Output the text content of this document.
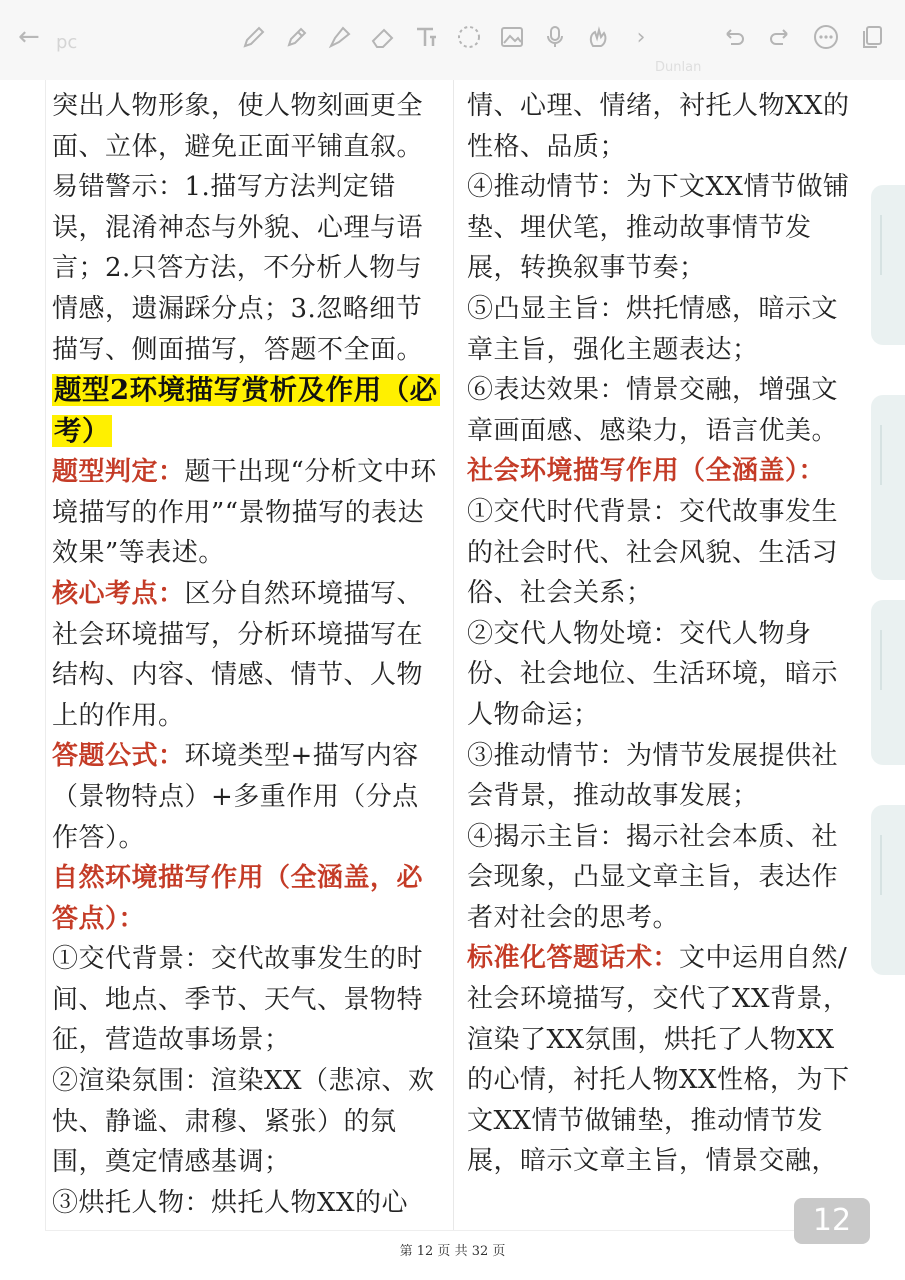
← pc	›
Dunlan

突出人物形象，使人物刻画更全面、立体，避免正面平铺直叙。

易错警示：1.描写方法判定错误，混淆神态与外貌、心理与语言；2.只答方法，不分析人物与情感，遗漏踩分点；3.忽略细节描写、侧面描写，答题不全面。

题型2环境描写赏析及作用（必考）

题型判定：题干出现“分析文中环境描写的作用”“景物描写的表达效果”等表述。

核心考点：区分自然环境描写、社会环境描写，分析环境描写在结构、内容、情感、情节、人物上的作用。

答题公式：环境类型+描写内容（景物特点）+多重作用（分点作答）。

自然环境描写作用（全涵盖，必答点）：

①交代背景：交代故事发生的时间、地点、季节、天气、景物特征，营造故事场景；

②渲染氛围：渲染XX（悲凉、欢快、静谧、肃穆、紧张）的氛围，奠定情感基调；

③烘托人物：烘托人物XX的心

情、心理、情绪，衬托人物XX的性格、品质；

④推动情节：为下文XX情节做铺垫、埋伏笔，推动故事情节发展，转换叙事节奏；

⑤凸显主旨：烘托情感，暗示文章主旨，强化主题表达；

⑥表达效果：情景交融，增强文章画面感、感染力，语言优美。

社会环境描写作用（全涵盖）：

①交代时代背景：交代故事发生的社会时代、社会风貌、生活习俗、社会关系；

②交代人物处境：交代人物身份、社会地位、生活环境，暗示人物命运；

③推动情节：为情节发展提供社会背景，推动故事发展；

④揭示主旨：揭示社会本质、社会现象，凸显文章主旨，表达作者对社会的思考。

标准化答题话术：文中运用自然/社会环境描写，交代了XX背景，渲染了XX氛围，烘托了人物XX的心情，衬托人物XX性格，为下文XX情节做铺垫，推动情节发展，暗示文章主旨，情景交融，

12
第 12 页 共 32 页
